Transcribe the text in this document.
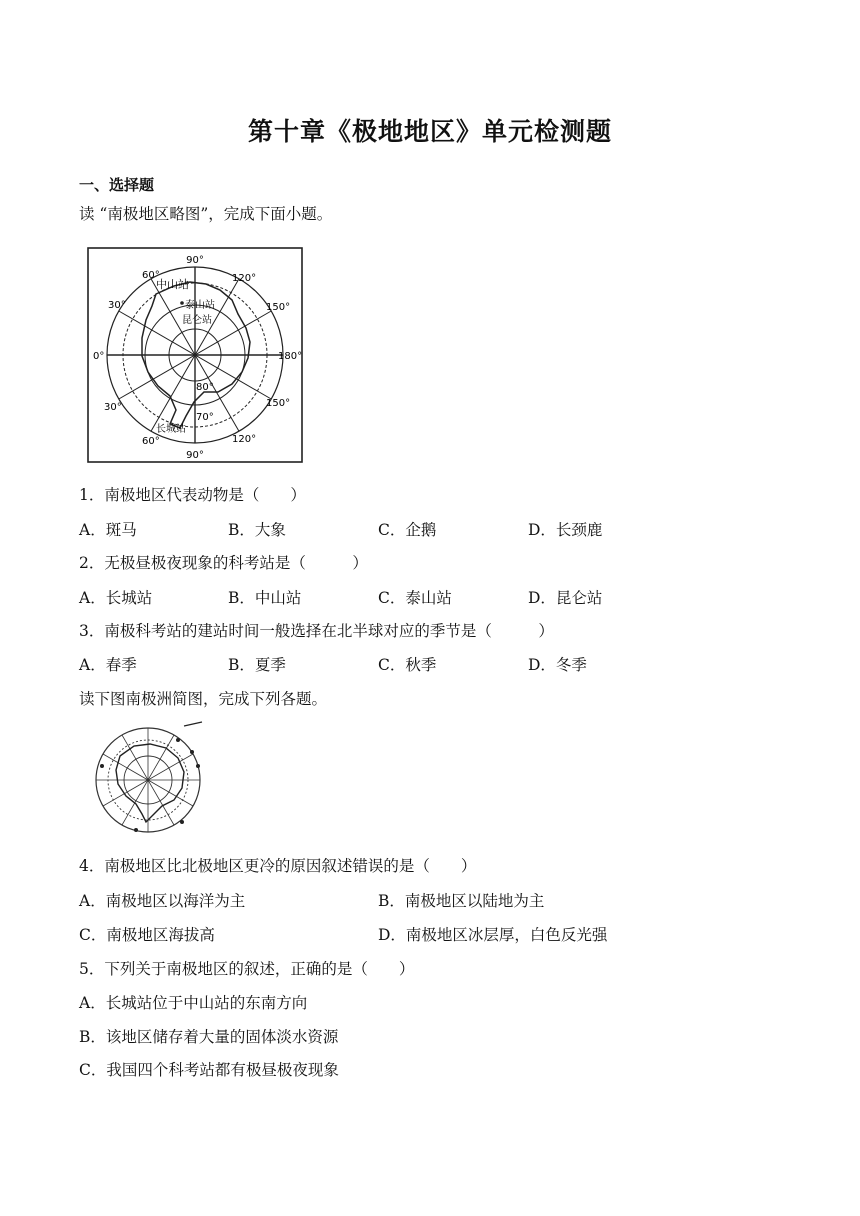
第十章《极地地区》单元检测题
一、选择题
读 “南极地区略图”，完成下面小题。
90°
90°
0°	180°
60°
30°
30°
60°
120°
150°
150°
120°
80°
70°
中山站
泰山站
昆仑站
长城站
1．南极地区代表动物是（　　）
A．斑马	B．大象	C．企鹅	D．长颈鹿
2．无极昼极夜现象的科考站是（　　　）
A．长城站	B．中山站	C．泰山站	D．昆仑站
3．南极科考站的建站时间一般选择在北半球对应的季节是（　　　）
A．春季	B．夏季	C．秋季	D．冬季
读下图南极洲简图，完成下列各题。
4．南极地区比北极地区更冷的原因叙述错误的是（　　）
A．南极地区以海洋为主	B．南极地区以陆地为主
C．南极地区海拔高	D．南极地区冰层厚，白色反光强
5．下列关于南极地区的叙述，正确的是（　　）
A．长城站位于中山站的东南方向
B．该地区储存着大量的固体淡水资源
C．我国四个科考站都有极昼极夜现象
